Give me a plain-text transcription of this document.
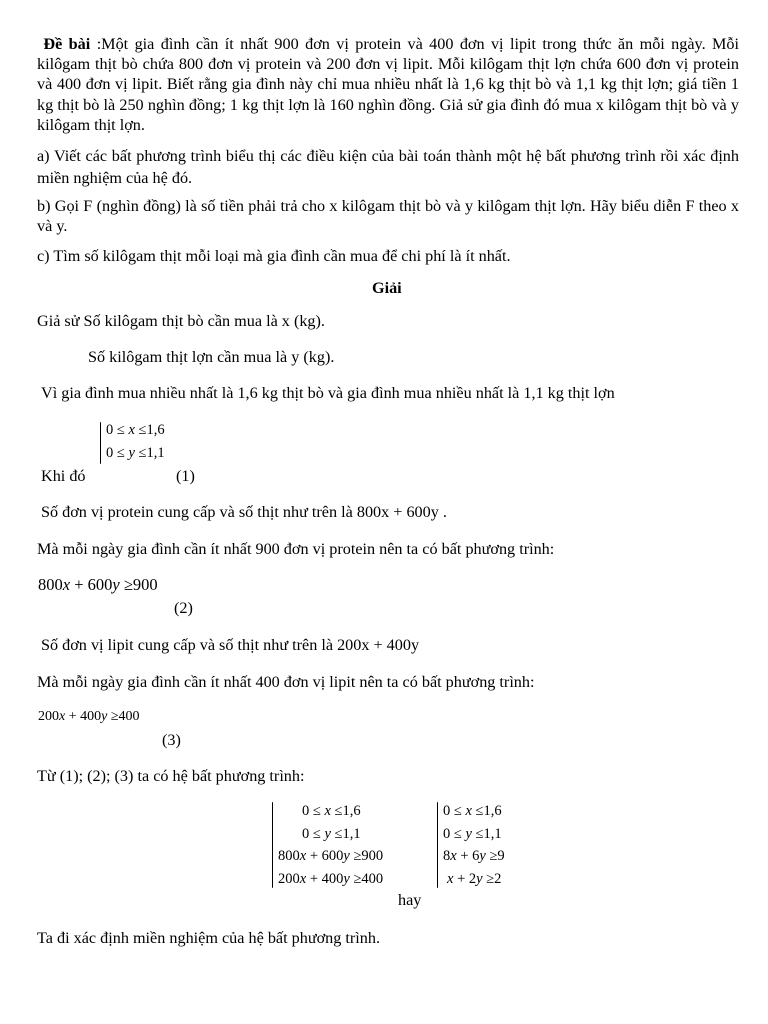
Đề bài :Một gia đình cần ít nhất 900 đơn vị protein và 400 đơn vị lipit trong thức ăn mỗi ngày. Mỗi kilôgam thịt bò chứa 800 đơn vị protein và 200 đơn vị lipit. Mỗi kilôgam thịt lợn chứa 600 đơn vị protein và 400 đơn vị lipit. Biết rằng gia đình này chỉ mua nhiều nhất là 1,6 kg thịt bò và 1,1 kg thịt lợn; giá tiền 1 kg thịt bò là 250 nghìn đồng; 1 kg thịt lợn là 160 nghìn đồng. Giả sử gia đình đó mua x kilôgam thịt bò và y kilôgam thịt lợn.
a) Viết các bất phương trình biểu thị các điều kiện của bài toán thành một hệ bất phương trình rồi xác định miền nghiệm của hệ đó.
b) Gọi F (nghìn đồng) là số tiền phải trả cho x kilôgam thịt bò và y kilôgam thịt lợn. Hãy biểu diễn F theo x và y.
c) Tìm số kilôgam thịt mỗi loại mà gia đình cần mua để chi phí là ít nhất.
Giải
Giả sử Số kilôgam thịt bò cần mua là x (kg).
Số kilôgam thịt lợn cần mua là y (kg).
Vì gia đình mua nhiều nhất là 1,6 kg thịt bò và gia đình mua nhiều nhất là 1,1 kg thịt lợn
0 ≤ x ≤1,6
0 ≤ y ≤1,1
Khi đó	(1)
Số đơn vị protein cung cấp và số thịt như trên là 800x + 600y .
Mà mỗi ngày gia đình cần ít nhất 900 đơn vị protein nên ta có bất phương trình:
800x + 600y ≥900
(2)
Số đơn vị lipit cung cấp và số thịt như trên là 200x + 400y
Mà mỗi ngày gia đình cần ít nhất 400 đơn vị lipit nên ta có bất phương trình:
200x + 400y ≥400
(3)
Từ (1); (2); (3) ta có hệ bất phương trình:
0 ≤ x ≤1,6
0 ≤ y ≤1,1
800x + 600y ≥900
200x + 400y ≥400
0 ≤ x ≤1,6
0 ≤ y ≤1,1
8x + 6y ≥9
x + 2y ≥2
hay
Ta đi xác định miền nghiệm của hệ bất phương trình.
